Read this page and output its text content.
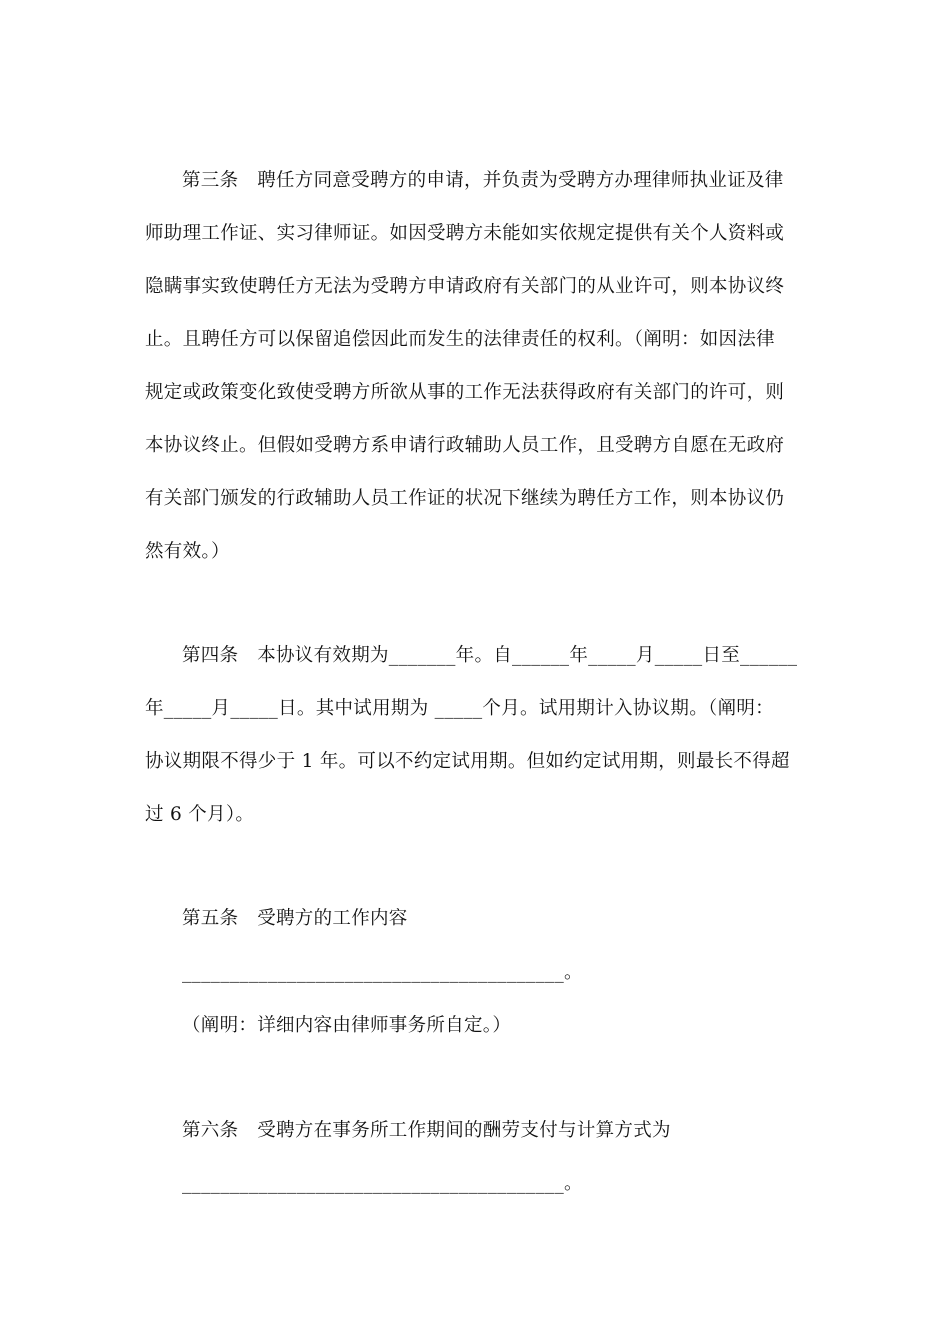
第三条　聘任方同意受聘方的申请，并负责为受聘方办理律师执业证及律
师助理工作证、实习律师证。如因受聘方未能如实依规定提供有关个人资料或
隐瞒事实致使聘任方无法为受聘方申请政府有关部门的从业许可，则本协议终
止。且聘任方可以保留追偿因此而发生的法律责任的权利。（阐明：如因法律
规定或政策变化致使受聘方所欲从事的工作无法获得政府有关部门的许可，则
本协议终止。但假如受聘方系申请行政辅助人员工作，且受聘方自愿在无政府
有关部门颁发的行政辅助人员工作证的状况下继续为聘任方工作，则本协议仍
然有效。）
第四条　本协议有效期为_______年。自______年_____月_____日至______
年_____月_____日。其中试用期为 _____个月。试用期计入协议期。（阐明：
协议期限不得少于 1 年。可以不约定试用期。但如约定试用期，则最长不得超
过 6 个月）。
第五条　受聘方的工作内容
________________________________________。
（阐明：详细内容由律师事务所自定。）
第六条　受聘方在事务所工作期间的酬劳支付与计算方式为
________________________________________。
